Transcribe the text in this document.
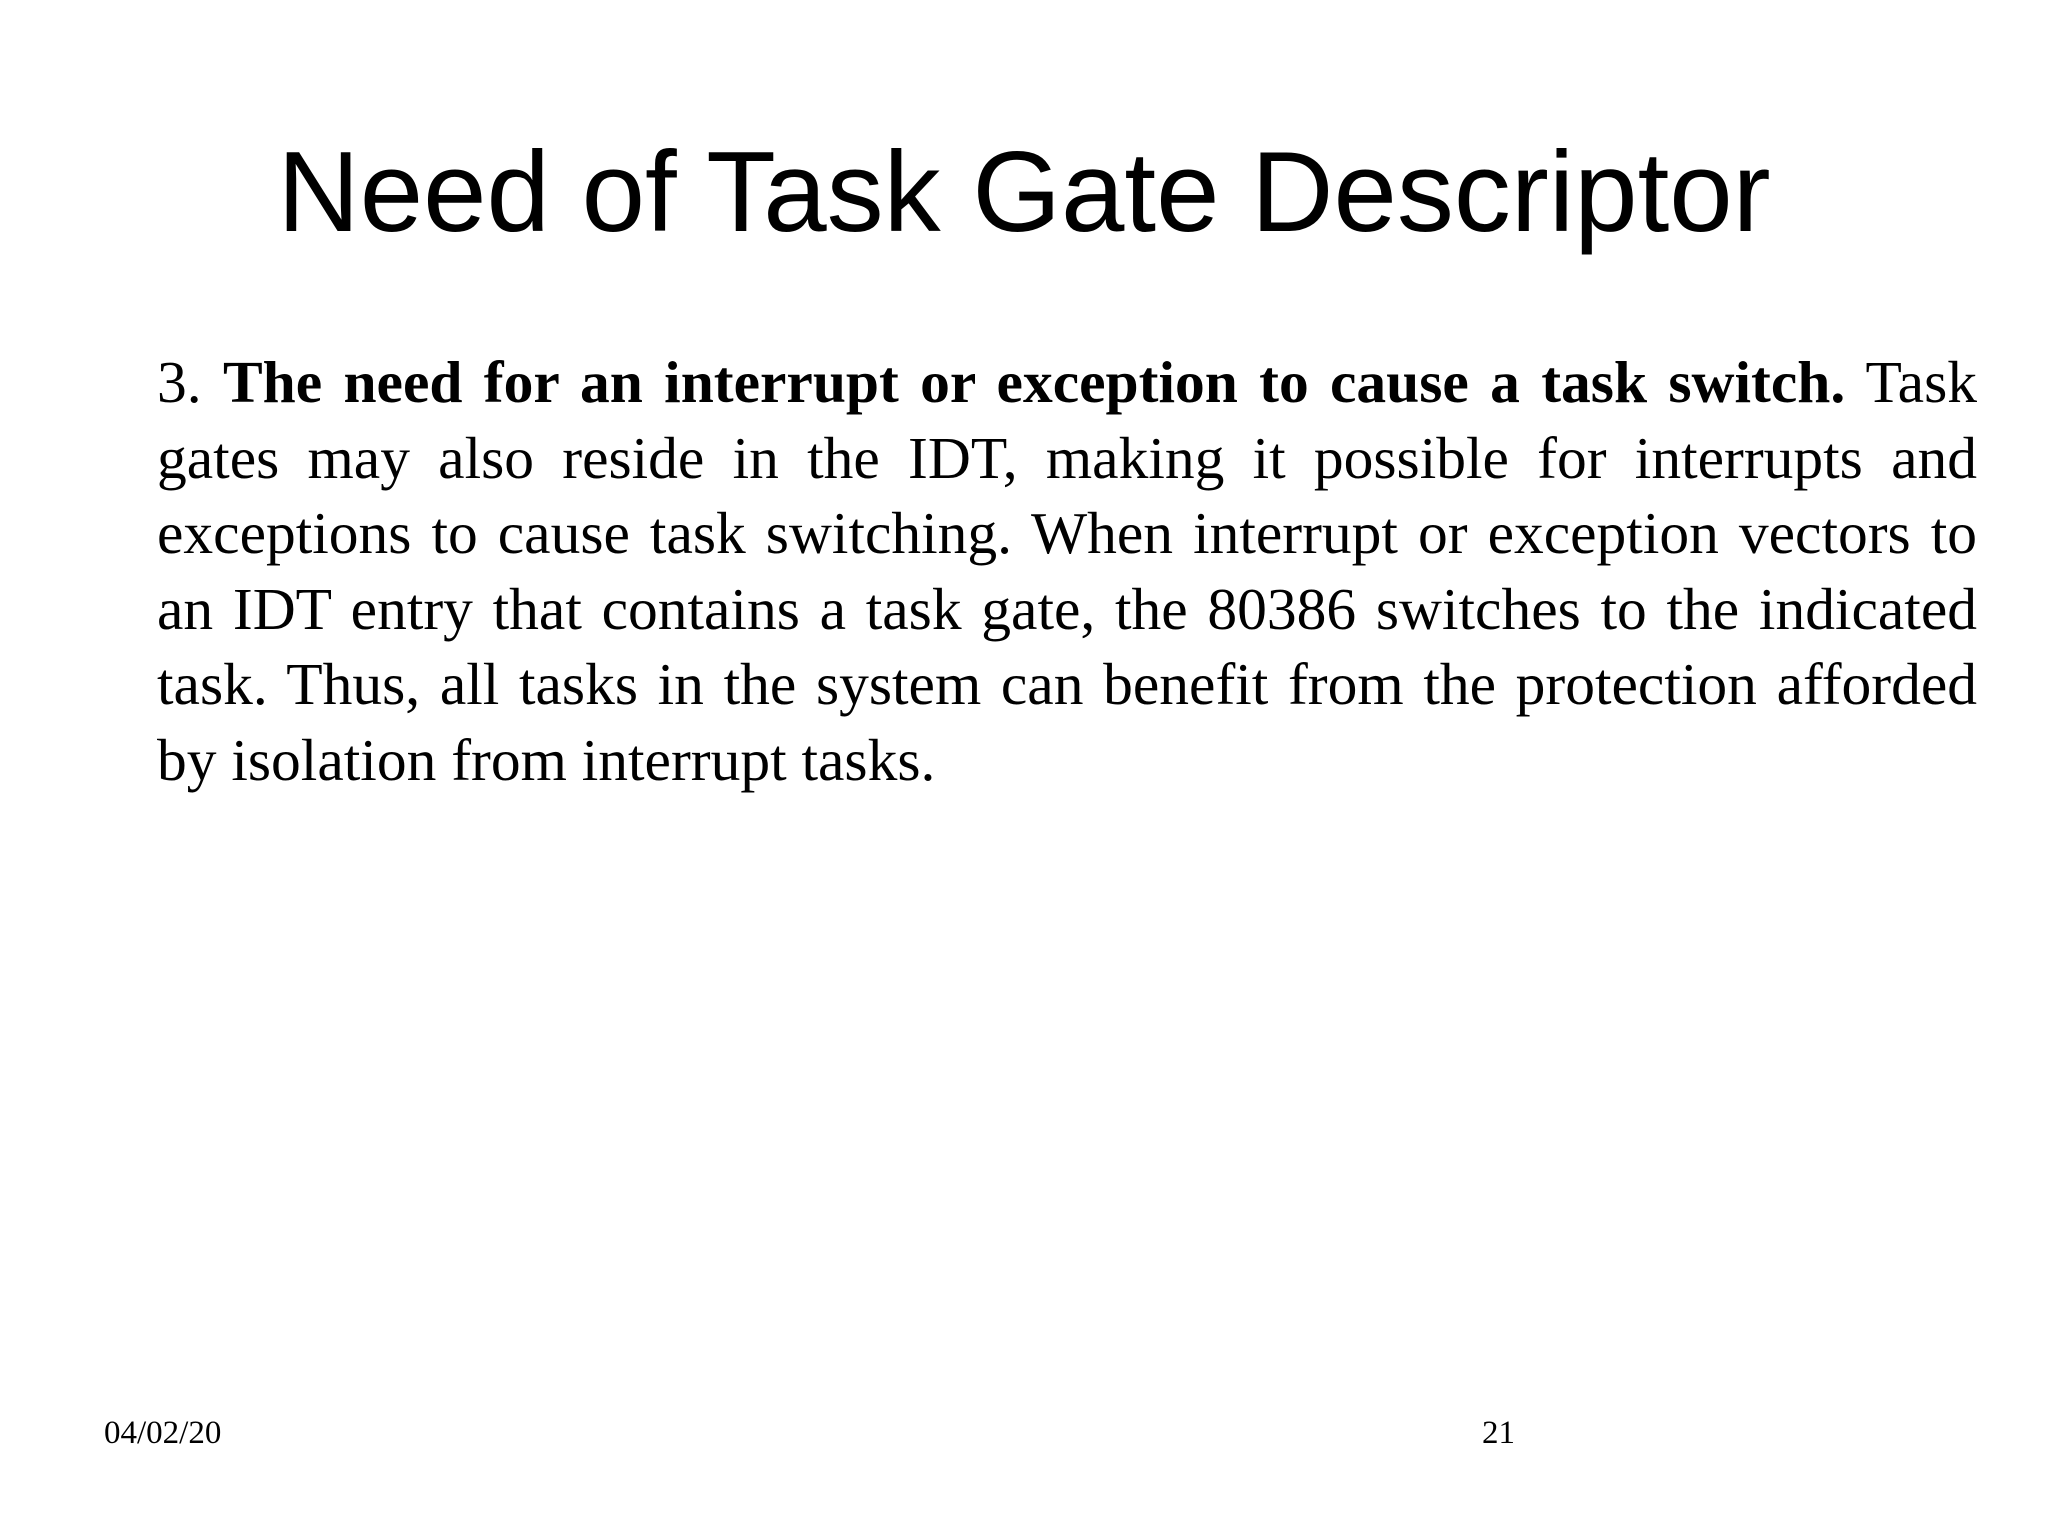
Need of Task Gate Descriptor

3. The need for an interrupt or exception to cause a task switch. Task gates may also reside in the IDT, making it possible for interrupts and exceptions to cause task switching. When interrupt or exception vectors to an IDT entry that contains a task gate, the 80386 switches to the indicated task. Thus, all tasks in the system can benefit from the protection afforded by isolation from interrupt tasks.

04/02/20	21
